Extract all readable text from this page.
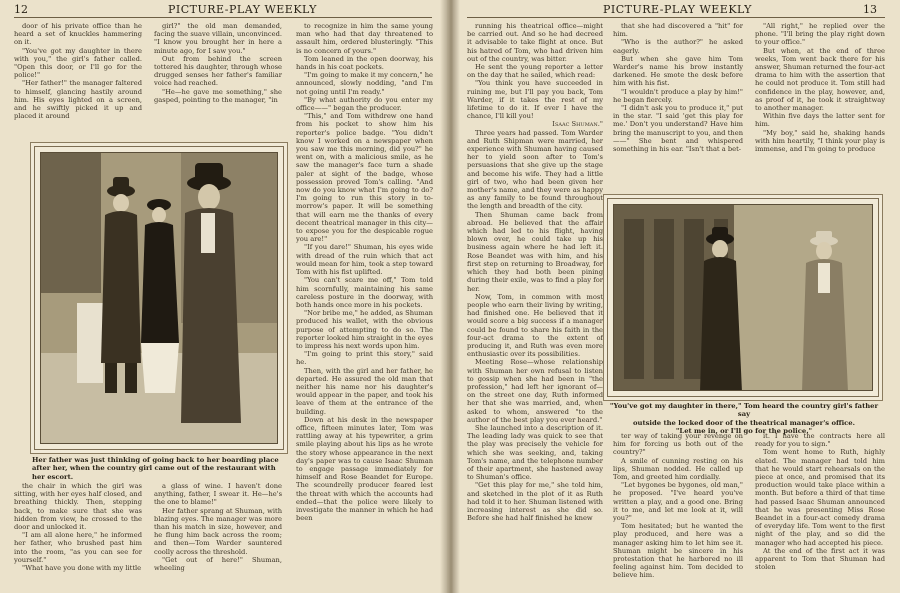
12	PICTURE-PLAY WEEKLY

door of his private office than he heard a set of knuckles hammering on it.

"You've got my daughter in there with you," the girl's father called. "Open this door, or I'll go for the police!"

"Her father!" the manager faltered to himself, glancing hastily around him. His eyes lighted on a screen, and he swiftly picked it up and placed it around

girl?" the old man demanded, facing the suave villain, unconvinced. "I know you brought her in here a minute ago, for I saw you."

Out from behind the screen tottered his daughter, through whose drugged senses her father's familiar voice had reached.

"He—he gave me something," she gasped, pointing to the manager, "in

to recognize in him the same young man who had that day threatened to assault him, ordered blusteringly. "This is no concern of yours."

Tom leaned in the open doorway, his hands in his coat pockets.

"I'm going to make it my concern," he announced, slowly nodding, "and I'm not going until I'm ready."

"By what authority do you enter my office——" began the producer.

"This," and Tom withdrew one hand from his pocket to show him his reporter's police badge. "You didn't know I worked on a newspaper when you saw me this morning, did you?" he went on, with a malicious smile, as he saw the manager's face turn a shade paler at sight of the badge, whose possession proved Tom's calling. "And now do you know what I'm going to do? I'm going to run this story in to-morrow's paper. It will be something that will earn me the thanks of every decent theatrical manager in this city—to expose you for the despicable rogue you are!"

"If you dare!" Shuman, his eyes wide with dread of the ruin which that act would mean for him, took a step toward Tom with his fist uplifted.

"You can't scare me off," Tom told him scornfully, maintaining his same careless posture in the doorway, with both hands once more in his pockets.

"Nor bribe me," he added, as Shuman produced his wallet, with the obvious purpose of attempting to do so. The reporter looked him straight in the eyes to impress his next words upon him.

"I'm going to print this story," said he.

Then, with the girl and her father, he departed. He assured the old man that neither his name nor his daughter's would appear in the paper, and took his leave of them at the entrance of the building.

Down at his desk in the newspaper office, fifteen minutes later, Tom was rattling away at his typewriter, a grim smile playing about his lips as he wrote the story whose appearance in the next day's paper was to cause Isaac Shuman to engage passage immediately for himself and Rose Beandet for Europe. The scoundrelly producer feared lest the threat with which the accounts had ended—that the police were likely to investigate the manner in which he had been

Her father was just thinking of going back to her boarding place after her, when the country girl came out of the restaurant with her escort.

the chair in which the girl was sitting, with her eyes half closed, and breathing thickly. Then, stepping back, to make sure that she was hidden from view, he crossed to the door and unlocked it.

"I am all alone here," he informed her father, who brushed past him into the room, "as you can see for yourself."

"What have you done with my little

a glass of wine. I haven't done anything, father, I swear it. He—he's the one to blame!"

Her father sprang at Shuman, with blazing eyes. The manager was more than his match in size, however, and he flung him back across the room; and then—Tom Warder sauntered coolly across the threshold.

"Get out of here!" Shuman, wheeling

PICTURE-PLAY WEEKLY	13

running his theatrical office—might be carried out. And so he had decreed it advisable to take flight at once. But his hatred of Tom, who had driven him out of the country, was bitter.

He sent the young reporter a letter on the day that he sailed, which read:

"You think you have succeeded in ruining me, but I'll pay you back, Tom Warder, if it takes the rest of my lifetime to do it. If ever I have the chance, I'll kill you!

Isaac Shuman."

Three years had passed. Tom Warder and Ruth Shipman were married, her experience with Shuman having caused her to yield soon after to Tom's persuasions that she give up the stage and become his wife. They had a little girl of two, who had been given her mother's name, and they were as happy as any family to be found throughout the length and breadth of the city.

Then Shuman came back from abroad. He believed that the affair which had led to his flight, having blown over, he could take up his business again where he had left it. Rose Beandet was with him, and his first step on returning to Broadway, for which they had both been pining during their exile, was to find a play for her.

Now, Tom, in common with most people who earn their living by writing, had finished one. He believed that it would score a big success if a manager could be found to share his faith in the four-act drama to the extent of producing it, and Ruth was even more enthusiastic over its possibilities.

Meeting Rose—whose relationship with Shuman her own refusal to listen to gossip when she had been in "the profession," had left her ignorant of—on the street one day, Ruth informed her that she was married, and, when asked to whom, answered "to the author of the best play you ever heard."

She launched into a description of it. The leading lady was quick to see that the play was precisely the vehicle for which she was seeking, and, taking Tom's name, and the telephone number of their apartment, she hastened away to Shuman's office.

"Get this play for me," she told him, and sketched in the plot of it as Ruth had told it to her. Shuman listened with increasing interest as she did so. Before she had half finished he knew

that she had discovered a "hit" for him.

"Who is the author?" he asked eagerly.

But when she gave him Tom Warder's name his brow instantly darkened. He smote the desk before him with his fist.

"I wouldn't produce a play by him!" he began fiercely.

"I didn't ask you to produce it," put in the star. "I said 'get this play for me.' Don't you understand? Have him bring the manuscript to you, and then——" She bent and whispered something in his ear. "Isn't that a bet-

"All right," he replied over the phone. "I'll bring the play right down to your office."

But when, at the end of three weeks, Tom went back there for his answer, Shuman returned the four-act drama to him with the assertion that he could not produce it. Tom still had confidence in the play, however, and, as proof of it, he took it straightway to another manager.

Within five days the latter sent for him.

"My boy," said he, shaking hands with him heartily, "I think your play is immense, and I'm going to produce

"You've got my daughter in there," Tom heard the country girl's father say
outside the locked door of the theatrical manager's office.
"Let me in, or I'll go for the police."

ter way of taking your revenge on him for forcing us both out of the country?"

A smile of cunning resting on his lips, Shuman nodded. He called up Tom, and greeted him cordially.

"Let bygones be bygones, old man," he proposed. "I've heard you've written a play, and a good one. Bring it to me, and let me look at it, will you?"

Tom hesitated; but he wanted the play produced, and here was a manager asking him to let him see it. Shuman might be sincere in his protestation that he harbored no ill feeling against him. Tom decided to believe him.

it. I have the contracts here all ready for you to sign."

Tom went home to Ruth, highly elated. The manager had told him that he would start rehearsals on the piece at once, and promised that its production would take place within a month. But before a third of that time had passed Isaac Shuman announced that he was presenting Miss Rose Beandet in a four-act comedy drama of everyday life. Tom went to the first night of the play, and so did the manager who had accepted his piece.

At the end of the first act it was apparent to Tom that Shuman had stolen
